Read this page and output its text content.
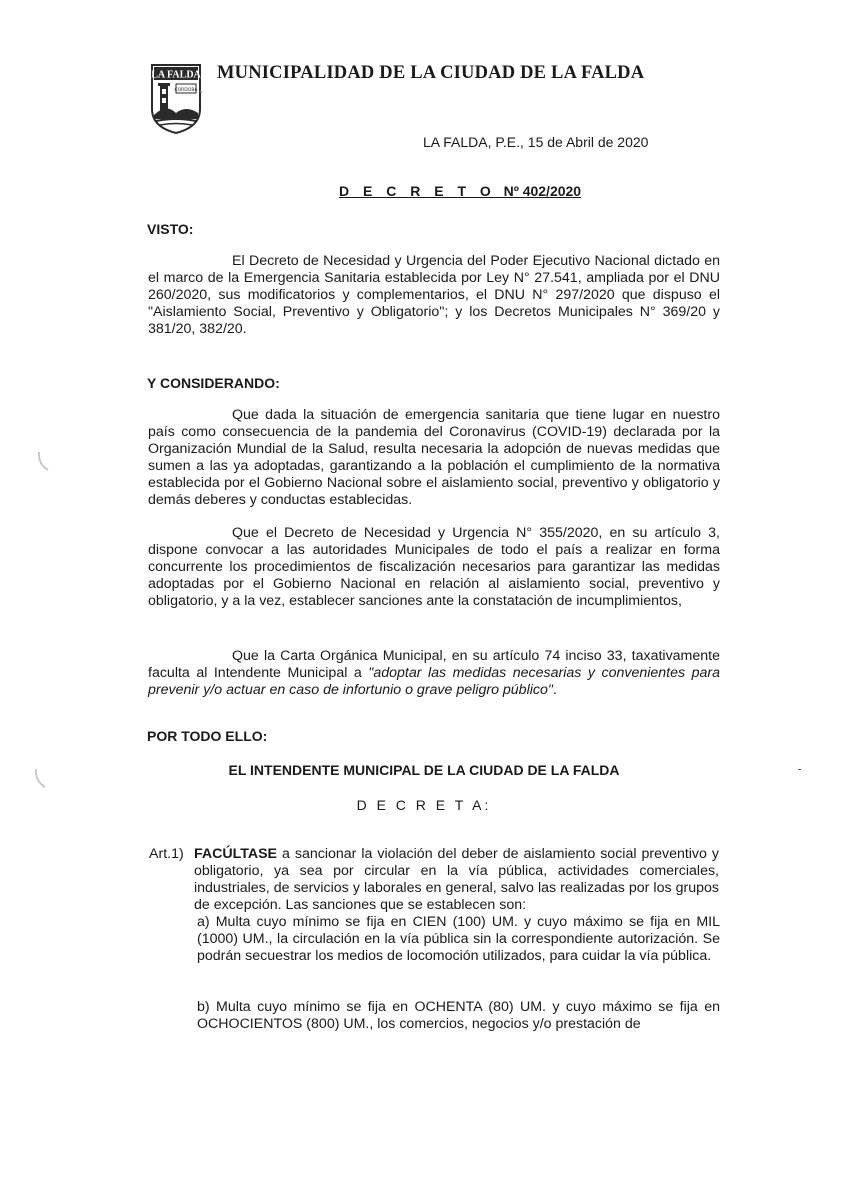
LA FALDA
CORDOBA
MUNICIPALIDAD DE LA CIUDAD DE LA FALDA
LA FALDA, P.E., 15 de Abril de 2020
D E C R E T O Nº 402/2020
VISTO:

El Decreto de Necesidad y Urgencia del Poder Ejecutivo Nacional dictado en el marco de la Emergencia Sanitaria establecida por Ley N° 27.541, ampliada por el DNU 260/2020, sus modificatorios y complementarios, el DNU N° 297/2020 que dispuso el "Aislamiento Social, Preventivo y Obligatorio"; y los Decretos Municipales N° 369/20 y 381/20, 382/20.

Y CONSIDERANDO:

Que dada la situación de emergencia sanitaria que tiene lugar en nuestro país como consecuencia de la pandemia del Coronavirus (COVID-19) declarada por la Organización Mundial de la Salud, resulta necesaria la adopción de nuevas medidas que sumen a las ya adoptadas, garantizando a la población el cumplimiento de la normativa establecida por el Gobierno Nacional sobre el aislamiento social, preventivo y obligatorio y demás deberes y conductas establecidas.

Que el Decreto de Necesidad y Urgencia N° 355/2020, en su artículo 3, dispone convocar a las autoridades Municipales de todo el país a realizar en forma concurrente los procedimientos de fiscalización necesarios para garantizar las medidas adoptadas por el Gobierno Nacional en relación al aislamiento social, preventivo y obligatorio, y a la vez, establecer sanciones ante la constatación de incumplimientos,

Que la Carta Orgánica Municipal, en su artículo 74 inciso 33, taxativamente faculta al Intendente Municipal a "adoptar las medidas necesarias y convenientes para prevenir y/o actuar en caso de infortunio o grave peligro público".

POR TODO ELLO:
EL INTENDENTE MUNICIPAL DE LA CIUDAD DE LA FALDA
D E C R E T A:
Art.1) FACÚLTASE a sancionar la violación del deber de aislamiento social preventivo y obligatorio, ya sea por circular en la vía pública, actividades comerciales, industriales, de servicios y laborales en general, salvo las realizadas por los grupos de excepción. Las sanciones que se establecen son:

a) Multa cuyo mínimo se fija en CIEN (100) UM. y cuyo máximo se fija en MIL (1000) UM., la circulación en la vía pública sin la correspondiente autorización. Se podrán secuestrar los medios de locomoción utilizados, para cuidar la vía pública.

b) Multa cuyo mínimo se fija en OCHENTA (80) UM. y cuyo máximo se fija en OCHOCIENTOS (800) UM., los comercios, negocios y/o prestación de
